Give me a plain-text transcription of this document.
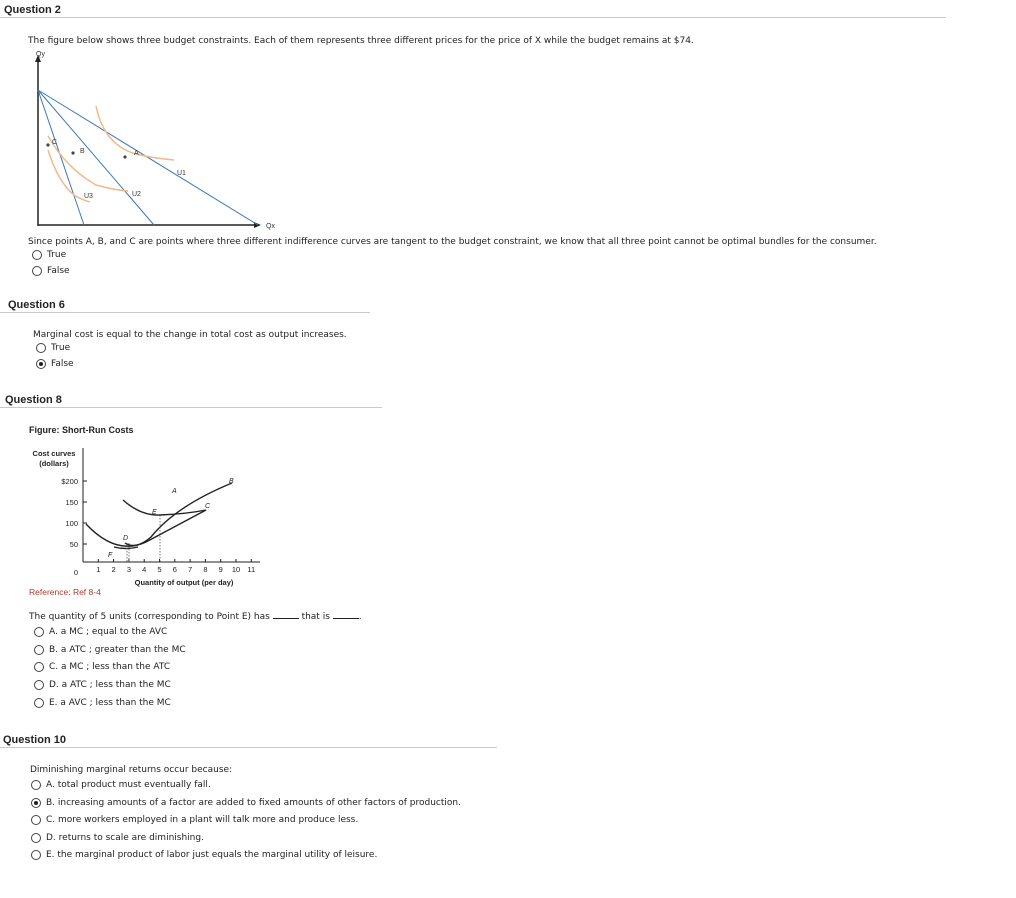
Question 2
The figure below shows three budget constraints. Each of them represents three different prices for the price of X while the budget remains at $74.
Qy
Qx
A
B
C
U1
U2
U3
Since points A, B, and C are points where three different indifference curves are tangent to the budget constraint, we know that all three point cannot be optimal bundles for the consumer.
True
False
Question 6
Marginal cost is equal to the change in total cost as output increases.
True
False
Question 8
Figure: Short-Run Costs
Cost curves
(dollars)
$200
150
100
50
0 1 2 3 4 5 6 7 8 9 10 11
Quantity of output (per day)
A
B
C
D
E
F
Reference: Ref 8-4
The quantity of 5 units (corresponding to Point E) has	that is	.
A. a MC ; equal to the AVC
B. a ATC ; greater than the MC
C. a MC ; less than the ATC
D. a ATC ; less than the MC
E. a AVC ; less than the MC
Question 10
Diminishing marginal returns occur because:
A. total product must eventually fall.
B. increasing amounts of a factor are added to fixed amounts of other factors of production.
C. more workers employed in a plant will talk more and produce less.
D. returns to scale are diminishing.
E. the marginal product of labor just equals the marginal utility of leisure.
